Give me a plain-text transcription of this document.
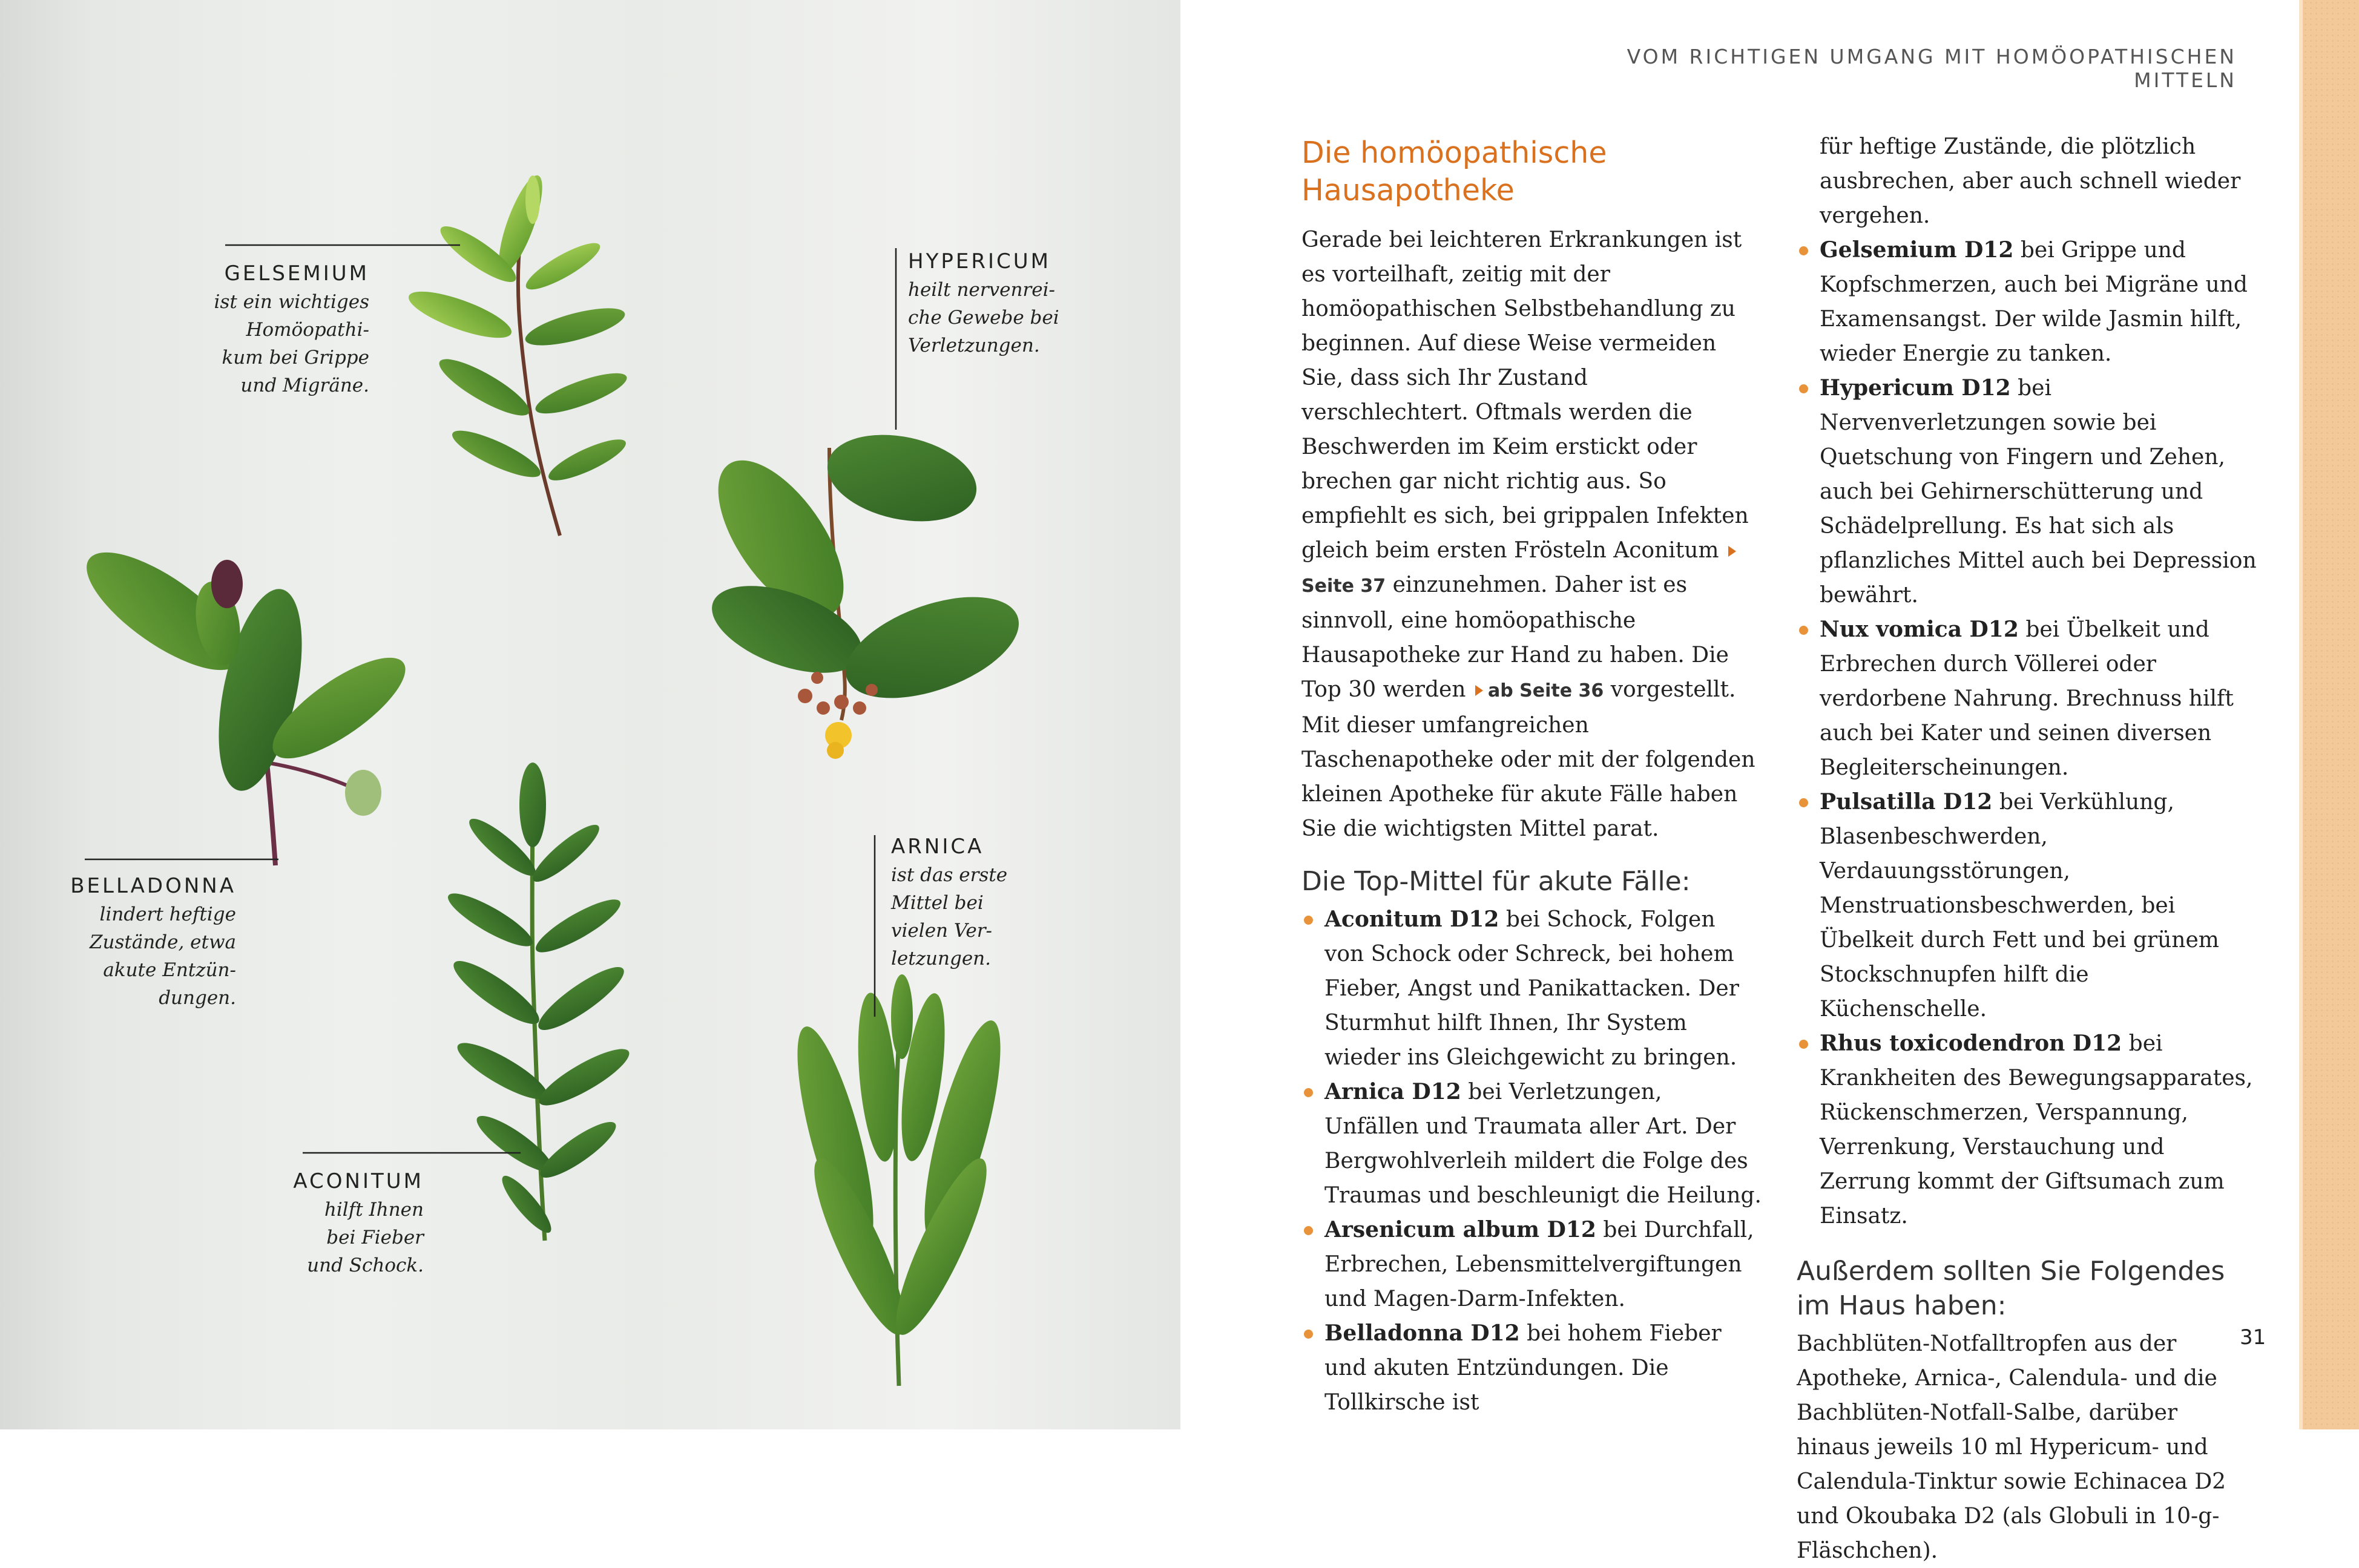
GELSEMIUM
ist ein wichtiges
Homöopathi-
kum bei Grippe
und Migräne.
HYPERICUM
heilt nervenrei-
che Gewebe bei
Verletzungen.
BELLADONNA
lindert heftige
Zustände, etwa
akute Entzün-
dungen.
ARNICA
ist das erste
Mittel bei
vielen Ver-
letzungen.
ACONITUM
hilft Ihnen
bei Fieber
und Schock.
VOM RICHTIGEN UMGANG MIT HOMÖOPATHISCHEN MITTELN
Die homöopathische
Hausapotheke

Gerade bei leichteren Erkrankungen ist es vorteilhaft, zeitig mit der homöopathischen Selbstbehandlung zu beginnen. Auf diese Weise vermeiden Sie, dass sich Ihr Zustand verschlechtert. Oftmals werden die Beschwerden im Keim erstickt oder brechen gar nicht richtig aus. So empfiehlt es sich, bei grippalen Infekten gleich beim ersten Frösteln Aconitum Seite 37 einzunehmen. Daher ist es sinnvoll, eine homöopathische Hausapotheke zur Hand zu haben. Die Top 30 werden ab Seite 36 vorgestellt. Mit dieser umfangreichen Taschenapotheke oder mit der folgenden kleinen Apotheke für akute Fälle haben Sie die wichtigsten Mittel parat.

Die Top-Mittel für akute Fälle:
Aconitum D12 bei Schock, Folgen von Schock oder Schreck, bei hohem Fieber, Angst und Panikattacken. Der Sturmhut hilft Ihnen, Ihr System wieder ins Gleichgewicht zu bringen.
Arnica D12 bei Verletzungen, Unfällen und Traumata aller Art. Der Bergwohlverleih mildert die Folge des Traumas und beschleunigt die Heilung.
Arsenicum album D12 bei Durchfall, Erbrechen, Lebensmittelvergiftungen und Magen-Darm-Infekten.
Belladonna D12 bei hohem Fieber und akuten Entzündungen. Die Tollkirsche ist

für heftige Zustände, die plötzlich ausbrechen, aber auch schnell wieder vergehen.

Gelsemium D12 bei Grippe und Kopfschmerzen, auch bei Migräne und Examensangst. Der wilde Jasmin hilft, wieder Energie zu tanken.
Hypericum D12 bei Nervenverletzungen sowie bei Quetschung von Fingern und Zehen, auch bei Gehirnerschütterung und Schädelprellung. Es hat sich als pflanzliches Mittel auch bei Depression bewährt.
Nux vomica D12 bei Übelkeit und Erbrechen durch Völlerei oder verdorbene Nahrung. Brechnuss hilft auch bei Kater und seinen diversen Begleiterscheinungen.
Pulsatilla D12 bei Verkühlung, Blasenbeschwerden, Verdauungsstörungen, Menstruationsbeschwerden, bei Übelkeit durch Fett und bei grünem Stockschnupfen hilft die Küchenschelle.
Rhus toxicodendron D12 bei Krankheiten des Bewegungsapparates, Rückenschmerzen, Verspannung, Verrenkung, Verstauchung und Zerrung kommt der Giftsumach zum Einsatz.
Außerdem sollten Sie Folgendes
im Haus haben:

Bachblüten-Notfalltropfen aus der Apotheke, Arnica-, Calendula- und die Bachblüten-Notfall-Salbe, darüber hinaus jeweils 10 ml Hypericum- und Calendula-Tinktur sowie Echinacea D2 und Okoubaka D2 (als Globuli in 10-g-Fläschchen).

31
